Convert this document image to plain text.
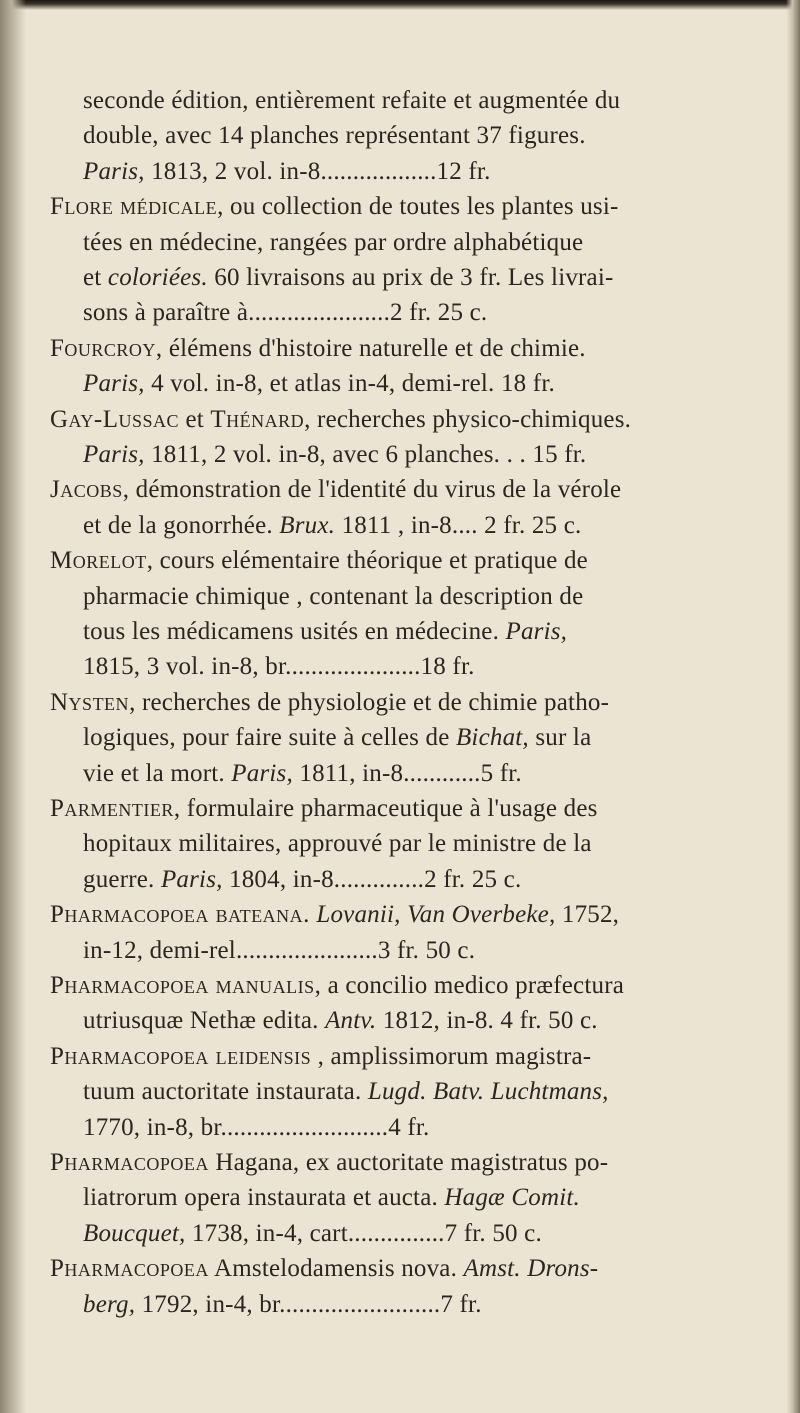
seconde édition, entièrement refaite et augmentée du
double, avec 14 planches représentant 37 figures.
Paris, 1813, 2 vol. in-8..................12 fr.
Flore médicale, ou collection de toutes les plantes usi-
tées en médecine, rangées par ordre alphabétique
et coloriées. 60 livraisons au prix de 3 fr. Les livrai-
sons à paraître à......................2 fr. 25 c.
Fourcroy, élémens d'histoire naturelle et de chimie.
Paris, 4 vol. in-8, et atlas in-4, demi-rel. 18 fr.
Gay-Lussac et Thénard, recherches physico-chimiques.
Paris, 1811, 2 vol. in-8, avec 6 planches. . . 15 fr.
Jacobs, démonstration de l'identité du virus de la vérole
et de la gonorrhée. Brux. 1811 , in-8.... 2 fr. 25 c.
Morelot, cours elémentaire théorique et pratique de
pharmacie chimique , contenant la description de
tous les médicamens usités en médecine. Paris,
1815, 3 vol. in-8, br.....................18 fr.
Nysten, recherches de physiologie et de chimie patho-
logiques, pour faire suite à celles de Bichat, sur la
vie et la mort. Paris, 1811, in-8............5 fr.
Parmentier, formulaire pharmaceutique à l'usage des
hopitaux militaires, approuvé par le ministre de la
guerre. Paris, 1804, in-8..............2 fr. 25 c.
Pharmacopoea bateana. Lovanii, Van Overbeke, 1752,
in-12, demi-rel......................3 fr. 50 c.
Pharmacopoea manualis, a concilio medico præfectura
utriusquæ Nethæ edita. Antv. 1812, in-8. 4 fr. 50 c.
Pharmacopoea leidensis , amplissimorum magistra-
tuum auctoritate instaurata. Lugd. Batv. Luchtmans,
1770, in-8, br..........................4 fr.
Pharmacopoea Hagana, ex auctoritate magistratus po-
liatrorum opera instaurata et aucta. Hagæ Comit.
Boucquet, 1738, in-4, cart...............7 fr. 50 c.
Pharmacopoea Amstelodamensis nova. Amst. Drons-
berg, 1792, in-4, br.........................7 fr.
